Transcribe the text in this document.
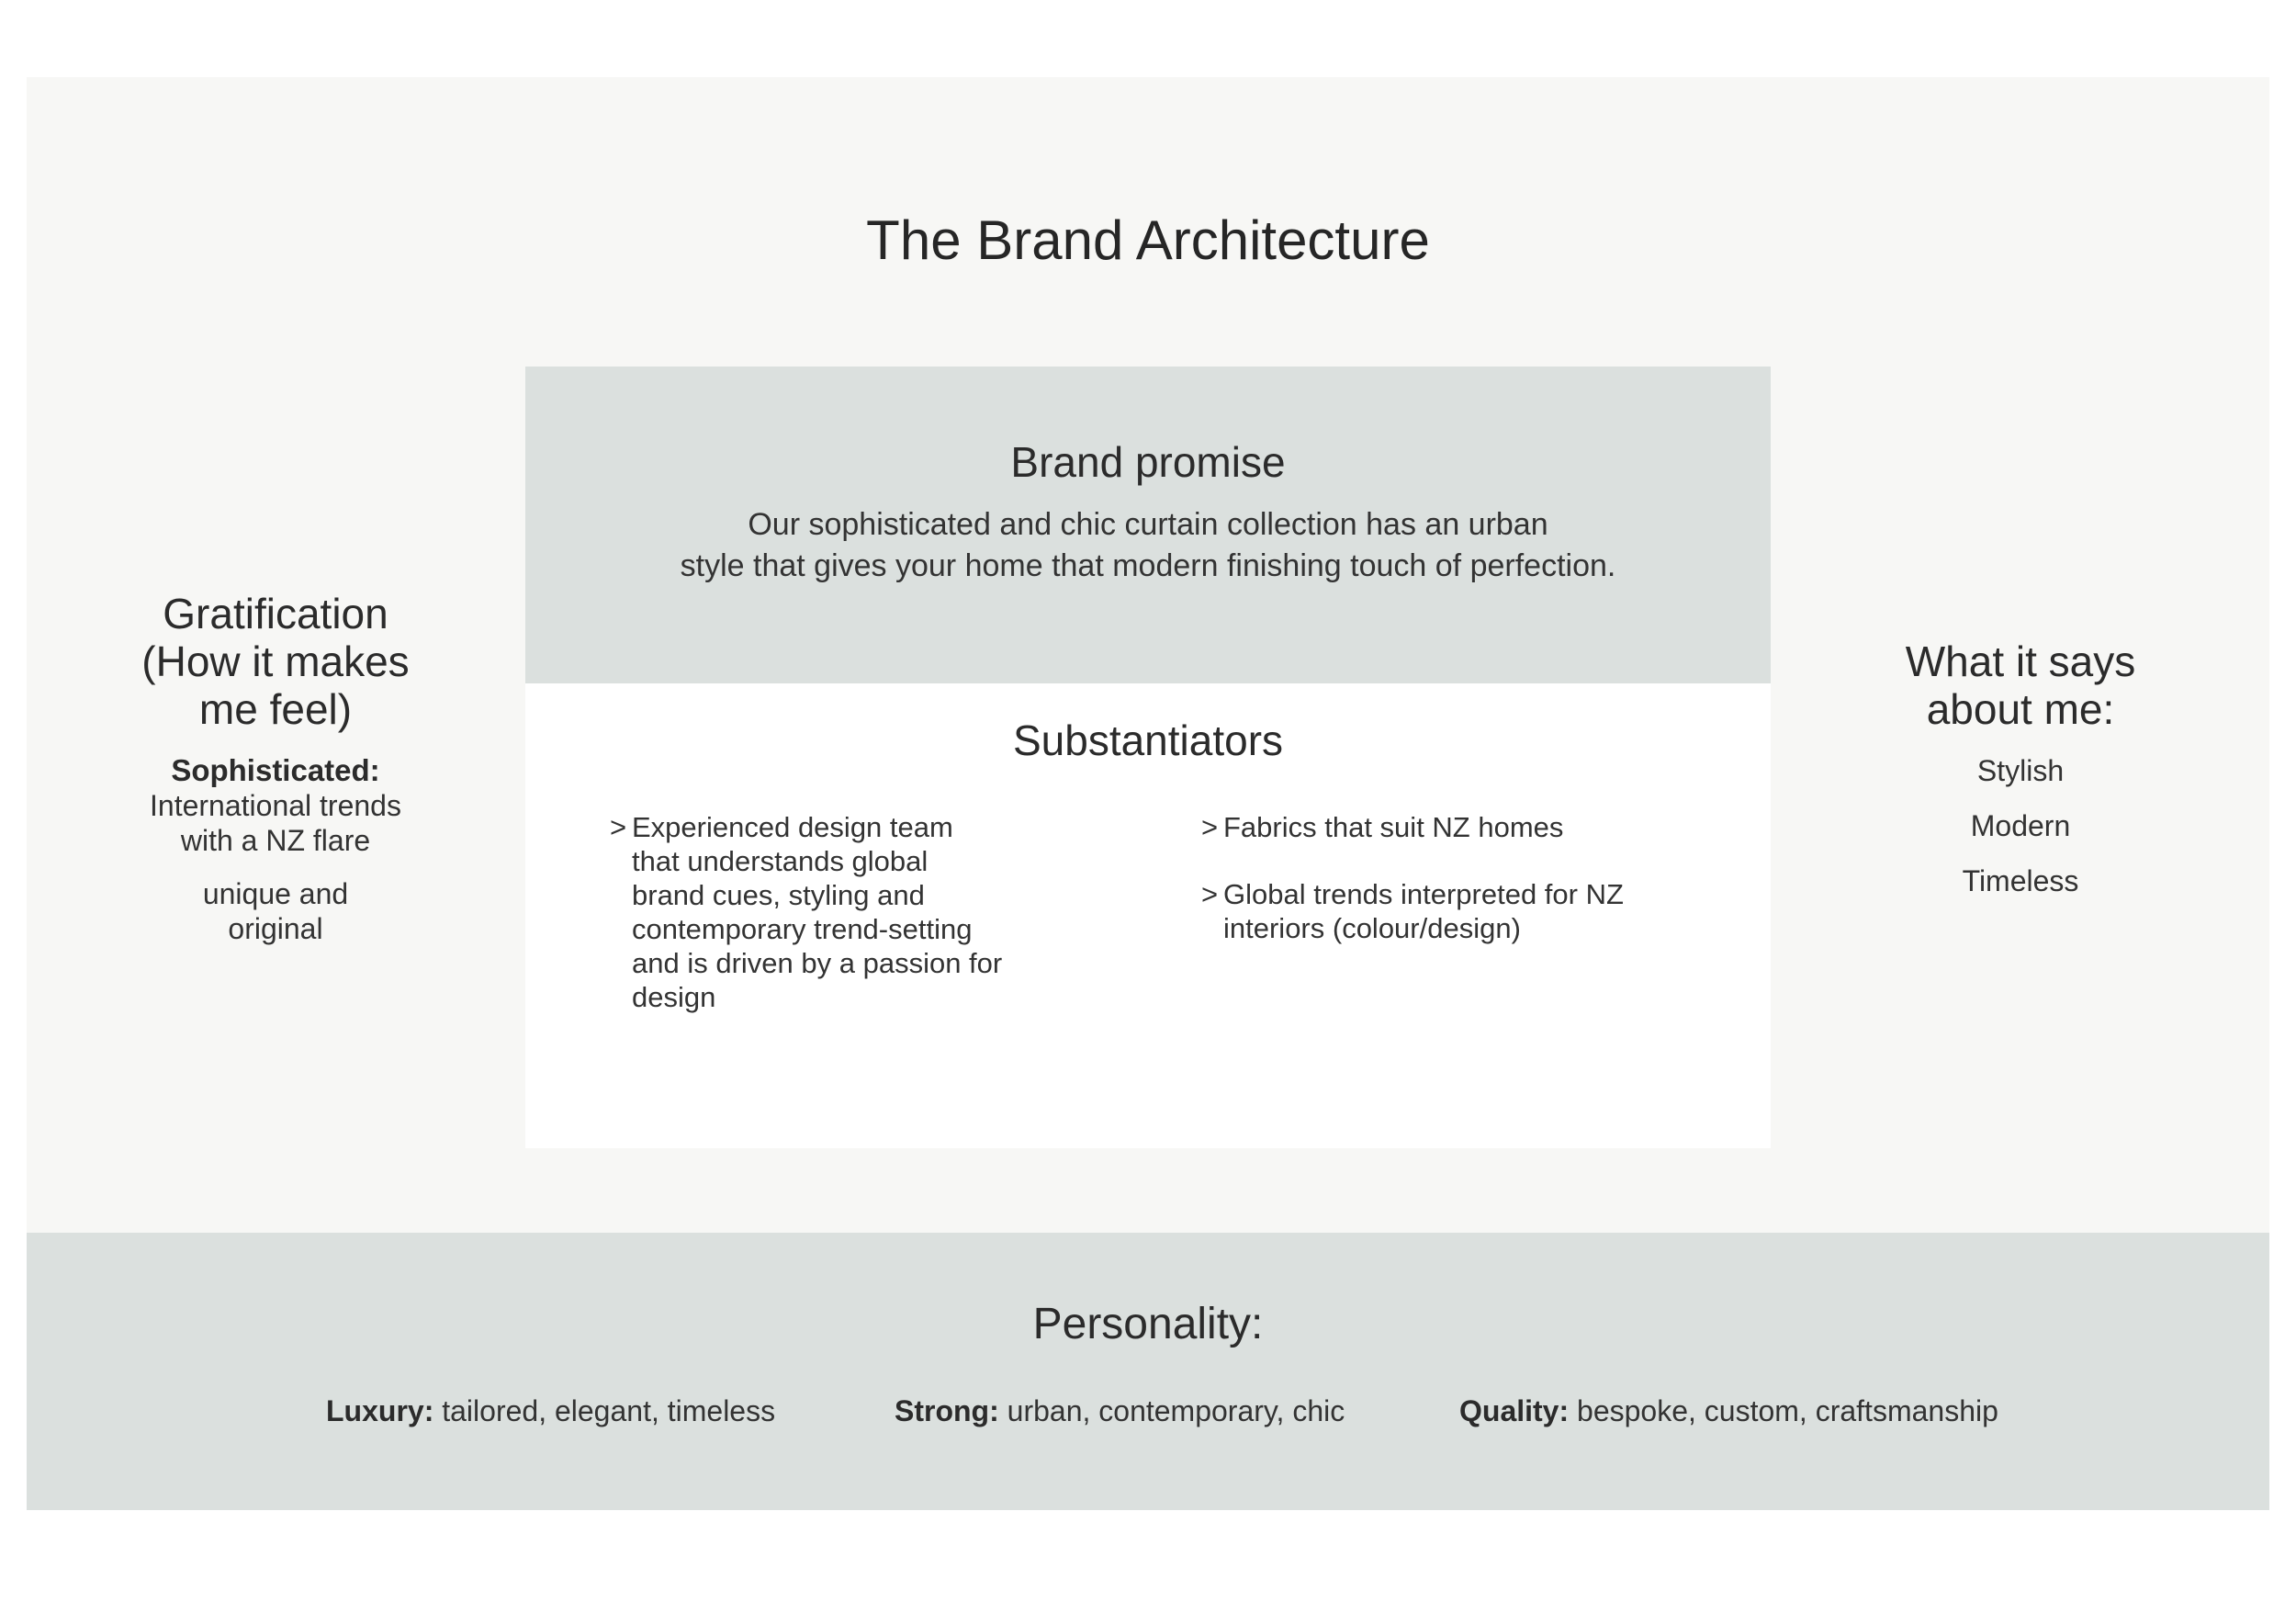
The Brand Architecture
Gratification
(How it makes
me feel)
Sophisticated:
International trends
with a NZ flare
unique and
original
Brand promise
Our sophisticated and chic curtain collection has an urban
style that gives your home that modern finishing touch of perfection.
Substantiators
> Experienced design team that understands global brand cues, styling and contemporary trend-setting and is driven by a passion for design
> Fabrics that suit NZ homes
> Global trends interpreted for NZ interiors (colour/design)
What it says
about me:
Stylish
Modern
Timeless
Personality:
Luxury: tailored, elegant, timeless	Strong: urban, contemporary, chic	Quality: bespoke, custom, craftsmanship
